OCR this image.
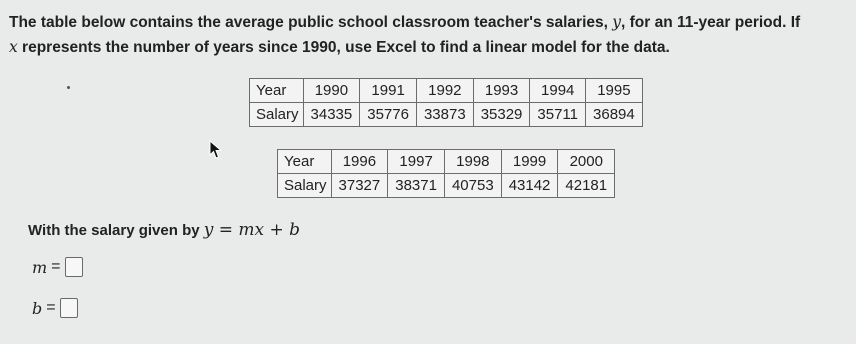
The table below contains the average public school classroom teacher's salaries, y, for an 11-year period. If
x represents the number of years since 1990, use Excel to find a linear model for the data.
Year	1990	1991	1992	1993	1994	1995
Salary	34335	35776	33873	35329	35711	36894
Year	1996	1997	1998	1999	2000
Salary	37327	38371	40753	43142	42181
With the salary given by y = mx + b
m =
b =
